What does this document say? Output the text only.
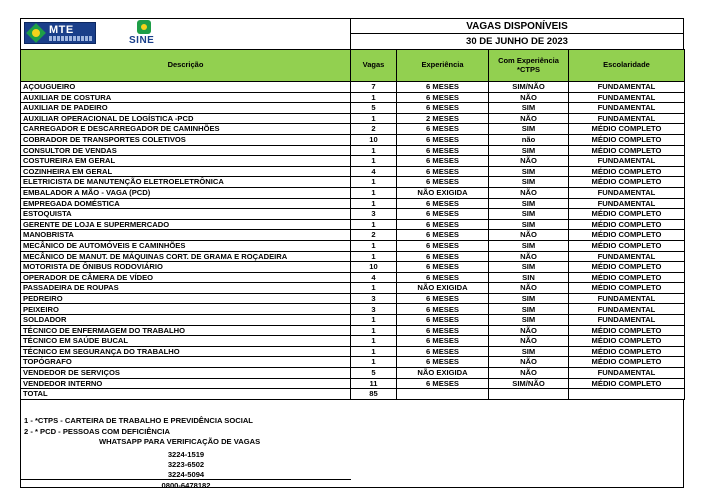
MTE
SINE
VAGAS DISPONÍVEIS
30 DE JUNHO DE 2023
Descrição	Vagas	Experiência	Com Experiência *CTPS	Escolaridade
AÇOUGUEIRO	7	6 MESES	SIM/NÃO	FUNDAMENTAL
AUXILIAR DE COSTURA	1	6 MESES	NÃO	FUNDAMENTAL
AUXILIAR DE PADEIRO	5	6 MESES	SIM	FUNDAMENTAL
AUXILIAR OPERACIONAL DE LOGÍSTICA -PCD	1	2 MESES	NÃO	FUNDAMENTAL
CARREGADOR E DESCARREGADOR DE CAMINHÕES	2	6 MESES	SIM	MÉDIO COMPLETO
COBRADOR DE TRANSPORTES COLETIVOS	10	6 MESES	não	MÉDIO COMPLETO
CONSULTOR DE VENDAS	1	6 MESES	SIM	MÉDIO COMPLETO
COSTUREIRA EM GERAL	1	6 MESES	NÃO	FUNDAMENTAL
COZINHEIRA EM GERAL	4	6 MESES	SIM	MÉDIO COMPLETO
ELETRICISTA DE MANUTENÇÃO ELETROELETRÔNICA	1	6 MESES	SIM	MÉDIO COMPLETO
EMBALADOR A MÃO - VAGA (PCD)	1	NÃO EXIGIDA	NÃO	FUNDAMENTAL
EMPREGADA DOMÉSTICA	1	6 MESES	SIM	FUNDAMENTAL
ESTOQUISTA	3	6 MESES	SIM	MÉDIO COMPLETO
GERENTE DE LOJA E SUPERMERCADO	1	6 MESES	SIM	MÉDIO COMPLETO
MANOBRISTA	2	6 MESES	NÃO	MÉDIO COMPLETO
MECÂNICO DE AUTOMÓVEIS E CAMINHÕES	1	6 MESES	SIM	MÉDIO COMPLETO
MECÂNICO DE MANUT. DE MÁQUINAS CORT. DE GRAMA E ROÇADEIRA	1	6 MESES	NÃO	FUNDAMENTAL
MOTORISTA DE ÔNIBUS RODOVIÁRIO	10	6 MESES	SIM	MÉDIO COMPLETO
OPERADOR DE CÂMERA DE VÍDEO	4	6 MESES	SIN	MÉDIO COMPLETO
PASSADEIRA DE ROUPAS	1	NÃO EXIGIDA	NÃO	MÉDIO COMPLETO
PEDREIRO	3	6 MESES	SIM	FUNDAMENTAL
PEIXEIRO	3	6 MESES	SIM	FUNDAMENTAL
SOLDADOR	1	6 MESES	SIM	FUNDAMENTAL
TÉCNICO DE ENFERMAGEM DO TRABALHO	1	6 MESES	NÃO	MÉDIO COMPLETO
TÉCNICO EM SAÚDE BUCAL	1	6 MESES	NÃO	MÉDIO COMPLETO
TÉCNICO EM SEGURANÇA DO TRABALHO	1	6 MESES	SIM	MÉDIO COMPLETO
TOPÓGRAFO	1	6 MESES	NÃO	MÉDIO COMPLETO
VENDEDOR DE SERVIÇOS	5	NÃO EXIGIDA	NÃO	FUNDAMENTAL
VENDEDOR INTERNO	11	6 MESES	SIM/NÃO	MÉDIO COMPLETO
TOTAL	85			
1 - *CTPS - CARTEIRA DE TRABALHO E PREVIDÊNCIA SOCIAL
2 - * PCD - PESSOAS COM DEFICIÊNCIA
WHATSAPP PARA VERIFICAÇÃO DE VAGAS
3224-1519
3223-6502
3224-5094
0800-6478182
